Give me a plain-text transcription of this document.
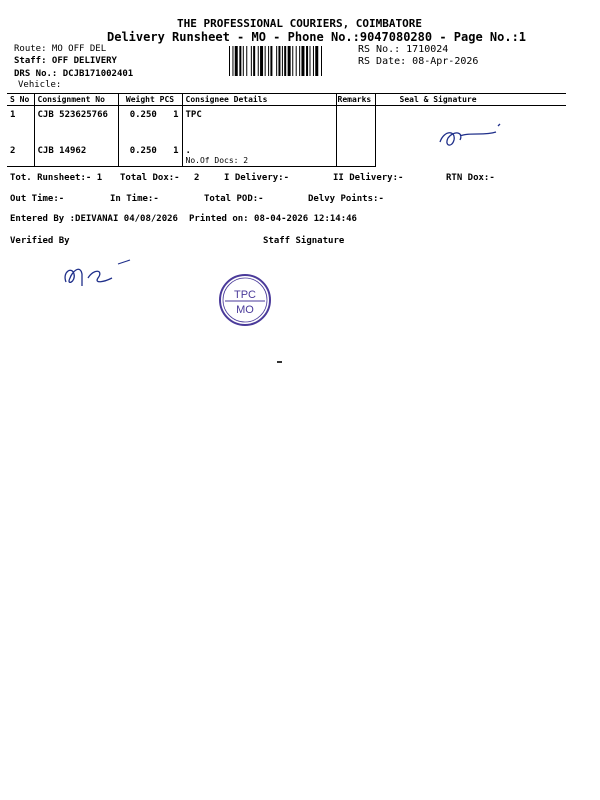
THE PROFESSIONAL COURIERS, COIMBATORE
Delivery Runsheet - MO - Phone No.:9047080280 - Page No.:1
Route: MO OFF DEL
Staff: OFF DELIVERY
DRS No.: DCJB171002401
Vehicle:
RS No.: 1710024
RS Date: 08-Apr-2026
S No	Consignment No	Weight PCS	Consignee Details	Remarks	Seal & Signature
1	CJB 523625766	0.250 1	TPC		

2	CJB 14962	0.250 1	.
No.Of Docs: 2		

Tot. Runsheet:- 1 Total Dox:- 2	I Delivery:-	II Delivery:-	RTN Dox:-
Out Time:-	In Time:-	Total POD:-	Delvy Points:-
Entered By :DEIVANAI 04/08/2026 Printed on: 08-04-2026 12:14:46
Verified By	Staff Signature
TPC
MO
